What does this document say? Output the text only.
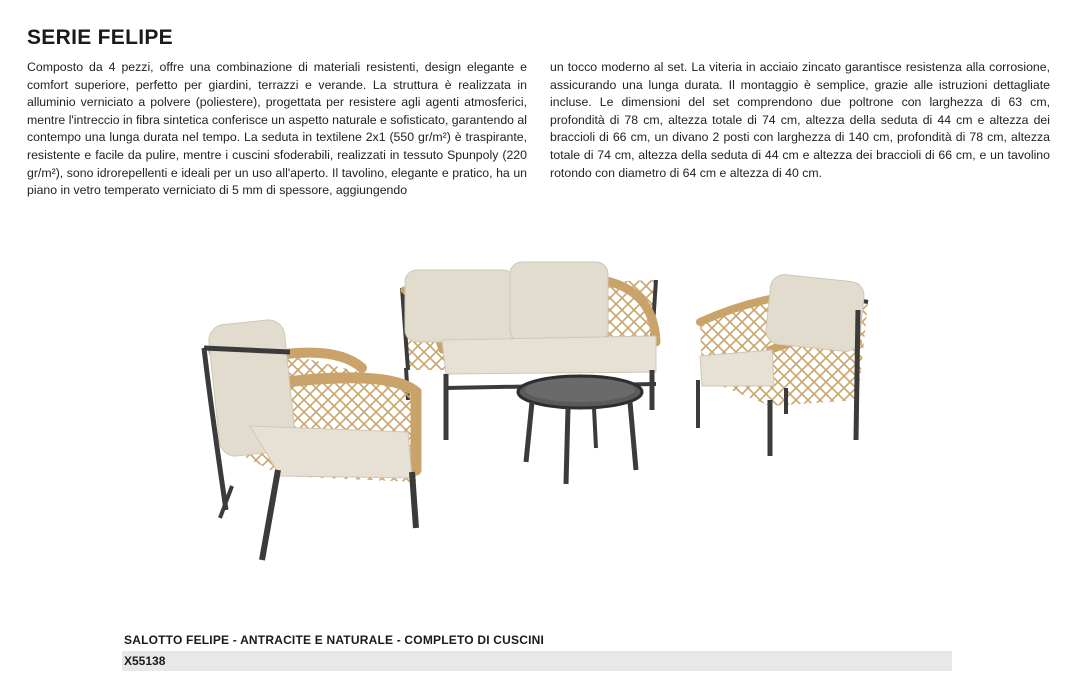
SERIE FELIPE
Composto da 4 pezzi, offre una combinazione di materiali resistenti, design elegante e comfort superiore, perfetto per giardini, terrazzi e verande. La struttura è realizzata in alluminio verniciato a polvere (poliestere), progettata per resistere agli agenti atmosferici, mentre l'intreccio in fibra sintetica conferisce un aspetto naturale e sofisticato, garantendo al contempo una lunga durata nel tempo. La seduta in textilene 2x1 (550 gr/m²) è traspirante, resistente e facile da pulire, mentre i cuscini sfoderabili, realizzati in tessuto Spunpoly (220 gr/m²), sono idrorepellenti e ideali per un uso all'aperto. Il tavolino, elegante e pratico, ha un piano in vetro temperato verniciato di 5 mm di spessore, aggiungendo
un tocco moderno al set. La viteria in acciaio zincato garantisce resistenza alla corrosione, assicurando una lunga durata. Il montaggio è semplice, grazie alle istruzioni dettagliate incluse. Le dimensioni del set comprendono due poltrone con larghezza di 63 cm, profondità di 78 cm, altezza totale di 74 cm, altezza della seduta di 44 cm e altezza dei braccioli di 66 cm, un divano 2 posti con larghezza di 140 cm, profondità di 78 cm, altezza totale di 74 cm, altezza della seduta di 44 cm e altezza dei braccioli di 66 cm, e un tavolino rotondo con diametro di 64 cm e altezza di 40 cm.
SALOTTO FELIPE - ANTRACITE E NATURALE - COMPLETO DI CUSCINI
X55138
